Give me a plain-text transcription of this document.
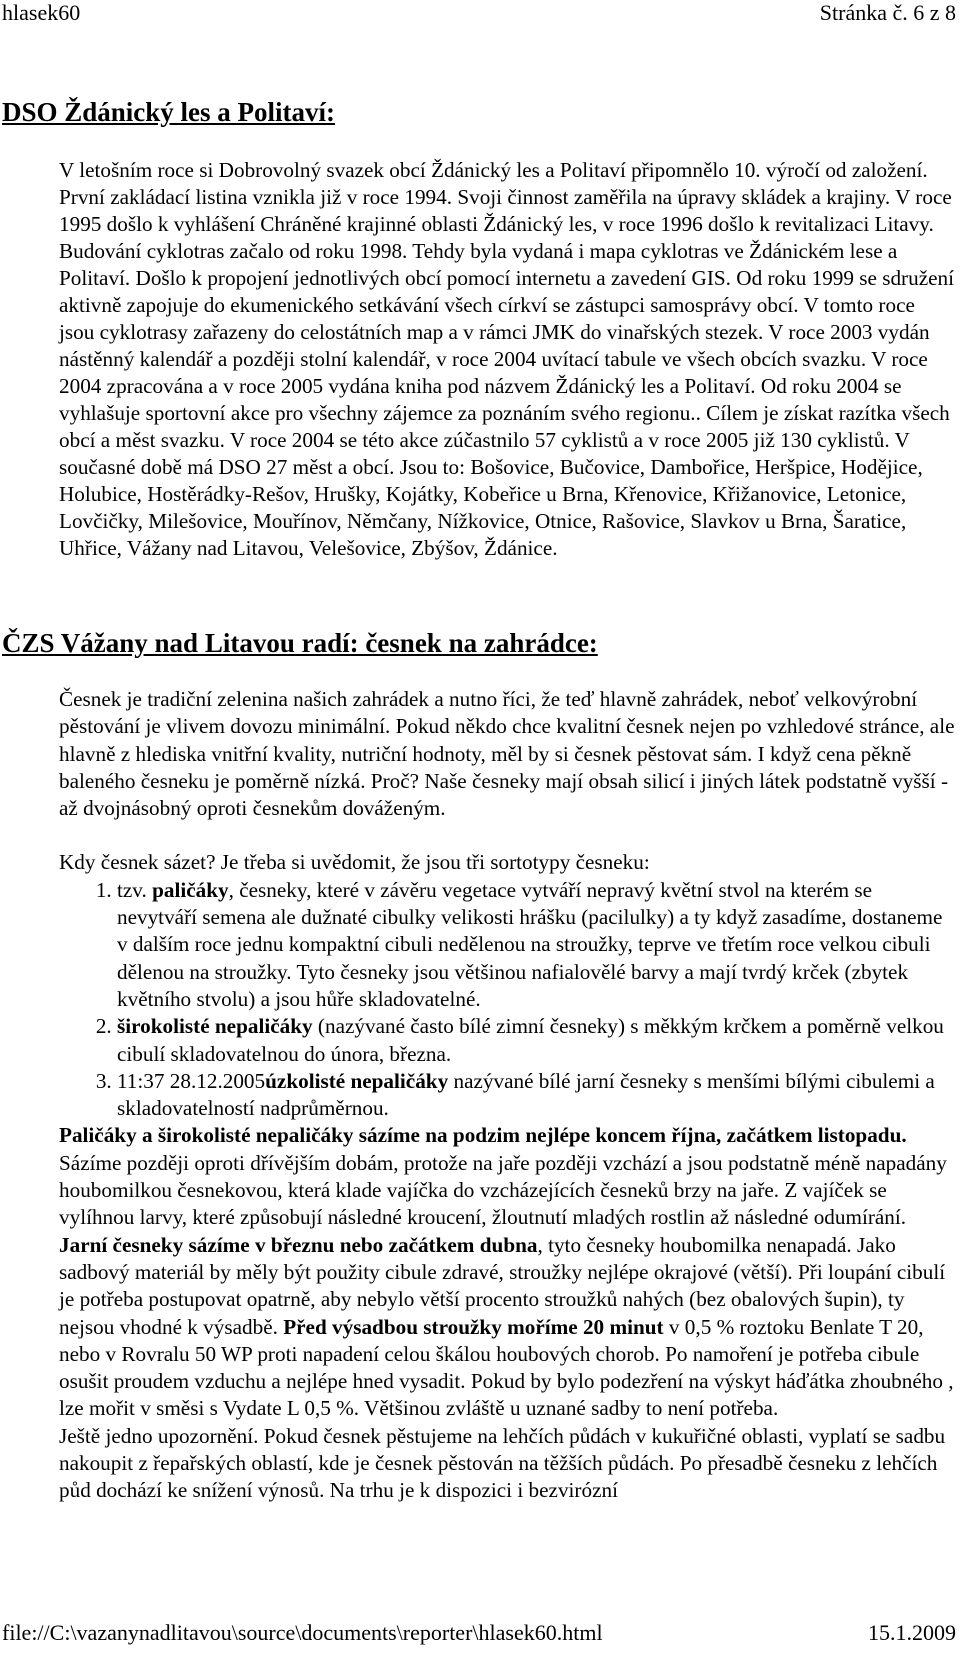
hlasek60	Stránka č. 6 z 8
DSO Ždánický les a Politaví:

V letošním roce si Dobrovolný svazek obcí Ždánický les a Politaví připomnělo 10. výročí od založení. První zakládací listina vznikla již v roce 1994. Svoji činnost zaměřila na úpravy skládek a krajiny. V roce 1995 došlo k vyhlášení Chráněné krajinné oblasti Ždánický les, v roce 1996 došlo k revitalizaci Litavy. Budování cyklotras začalo od roku 1998. Tehdy byla vydaná i mapa cyklotras ve Ždánickém lese a Politaví. Došlo k propojení jednotlivých obcí pomocí internetu a zavedení GIS. Od roku 1999 se sdružení aktivně zapojuje do ekumenického setkávání všech církví se zástupci samosprávy obcí. V tomto roce jsou cyklotrasy zařazeny do celostátních map a v rámci JMK do vinařských stezek. V roce 2003 vydán nástěnný kalendář a později stolní kalendář, v roce 2004 uvítací tabule ve všech obcích svazku. V roce 2004 zpracována a v roce 2005 vydána kniha pod názvem Ždánický les a Politaví. Od roku 2004 se vyhlašuje sportovní akce pro všechny zájemce za poznáním svého regionu.. Cílem je získat razítka všech obcí a měst svazku. V roce 2004 se této akce zúčastnilo 57 cyklistů a v roce 2005 již 130 cyklistů. V současné době má DSO 27 měst a obcí. Jsou to: Bošovice, Bučovice, Dambořice, Heršpice, Hodějice, Holubice, Hostěrádky-Rešov, Hrušky, Kojátky, Kobeřice u Brna, Křenovice, Křižanovice, Letonice, Lovčičky, Milešovice, Mouřínov, Němčany, Nížkovice, Otnice, Rašovice, Slavkov u Brna, Šaratice, Uhřice, Vážany nad Litavou, Velešovice, Zbýšov, Ždánice.

ČZS Vážany nad Litavou radí: česnek na zahrádce:

Česnek je tradiční zelenina našich zahrádek a nutno říci, že teď hlavně zahrádek, neboť velkovýrobní pěstování je vlivem dovozu minimální. Pokud někdo chce kvalitní česnek nejen po vzhledové stránce, ale hlavně z hlediska vnitřní kvality, nutriční hodnoty, měl by si česnek pěstovat sám. I když cena pěkně baleného česneku je poměrně nízká. Proč? Naše česneky mají obsah silicí i jiných látek podstatně vyšší - až dvojnásobný oproti česnekům dováženým.

Kdy česnek sázet? Je třeba si uvědomit, že jsou tři sortotypy česneku:

1. tzv. paličáky, česneky, které v závěru vegetace vytváří nepravý květní stvol na kterém se nevytváří semena ale dužnaté cibulky velikosti hrášku (pacilulky) a ty když zasadíme, dostaneme v dalším roce jednu kompaktní cibuli nedělenou na stroužky, teprve ve třetím roce velkou cibuli dělenou na stroužky. Tyto česneky jsou většinou nafialovělé barvy a mají tvrdý krček (zbytek květního stvolu) a jsou hůře skladovatelné.
2. širokolisté nepaličáky (nazývané často bílé zimní česneky) s měkkým krčkem a poměrně velkou cibulí skladovatelnou do února, března.
3. 11:37 28.12.2005úzkolisté nepaličáky nazývané bílé jarní česneky s menšími bílými cibulemi a skladovatelností nadprůměrnou.

Paličáky a širokolisté nepaličáky sázíme na podzim nejlépe koncem října, začátkem listopadu. Sázíme později oproti dřívějším dobám, protože na jaře později vzchází a jsou podstatně méně napadány houbomilkou česnekovou, která klade vajíčka do vzcházejících česneků brzy na jaře. Z vajíček se vylíhnou larvy, které způsobují následné kroucení, žloutnutí mladých rostlin až následné odumírání. Jarní česneky sázíme v březnu nebo začátkem dubna, tyto česneky houbomilka nenapadá. Jako sadbový materiál by měly být použity cibule zdravé, stroužky nejlépe okrajové (větší). Při loupání cibulí je potřeba postupovat opatrně, aby nebylo větší procento stroužků nahých (bez obalových šupin), ty nejsou vhodné k výsadbě. Před výsadbou stroužky moříme 20 minut v 0,5 % roztoku Benlate T 20, nebo v Rovralu 50 WP proti napadení celou škálou houbových chorob. Po namoření je potřeba cibule osušit proudem vzduchu a nejlépe hned vysadit. Pokud by bylo podezření na výskyt háďátka zhoubného , lze mořit v směsi s Vydate L 0,5 %. Většinou zvláště u uznané sadby to není potřeba.

Ještě jedno upozornění. Pokud česnek pěstujeme na lehčích půdách v kukuřičné oblasti, vyplatí se sadbu nakoupit z řepařských oblastí, kde je česnek pěstován na těžších půdách. Po přesadbě česneku z lehčích půd dochází ke snížení výnosů. Na trhu je k dispozici i bezvirózní

file://C:\vazanynadlitavou\source\documents\reporter\hlasek60.html	15.1.2009
